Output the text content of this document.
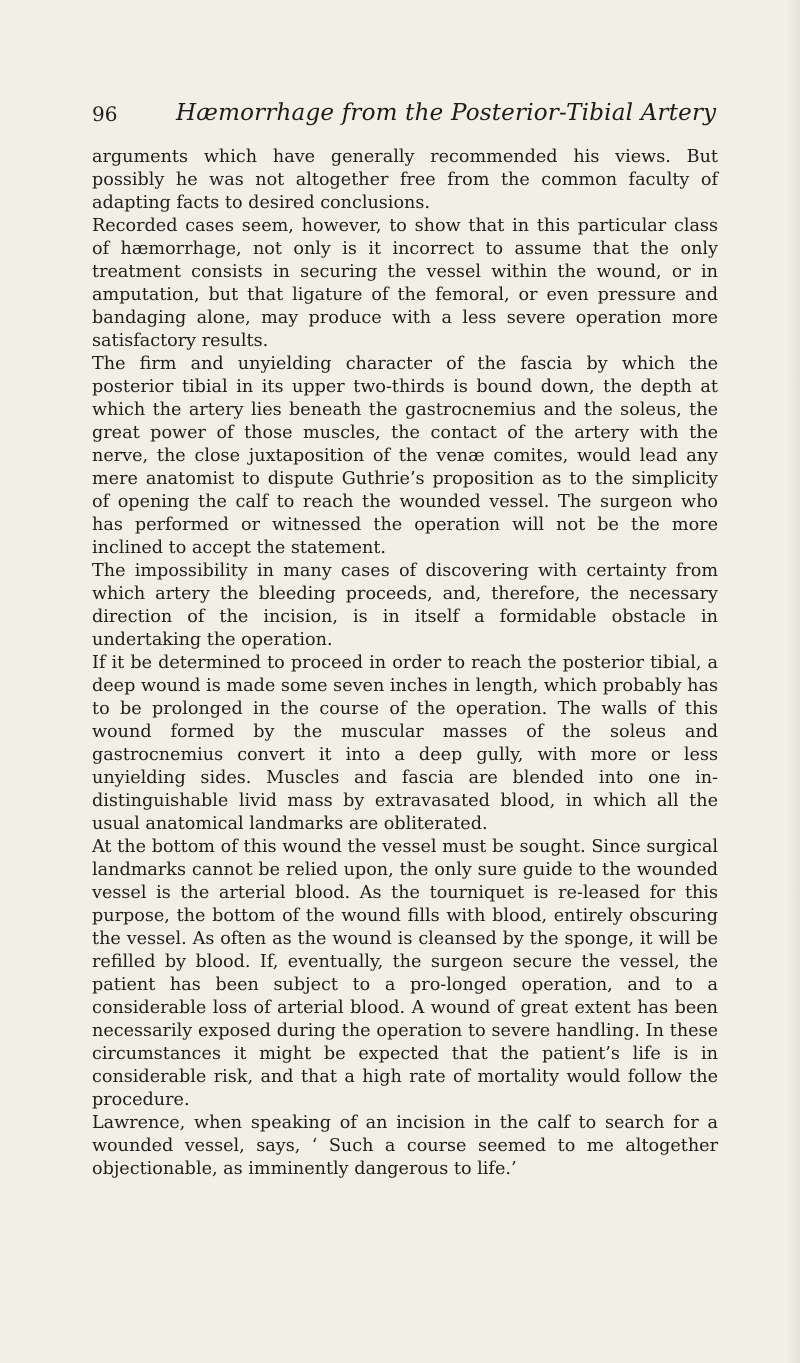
96	Hæmorrhage from the Posterior-Tibial Artery

arguments which have generally recommended his views. But possibly he was not altogether free from the common faculty of adapting facts to desired conclusions.

Recorded cases seem, however, to show that in this particular class of hæmorrhage, not only is it incorrect to assume that the only treatment consists in securing the vessel within the wound, or in amputation, but that ligature of the femoral, or even pressure and bandaging alone, may produce with a less severe operation more satisfactory results.

The firm and unyielding character of the fascia by which the posterior tibial in its upper two-thirds is bound down, the depth at which the artery lies beneath the gastrocnemius and the soleus, the great power of those muscles, the contact of the artery with the nerve, the close juxtaposition of the venæ comites, would lead any mere anatomist to dispute Guthrie’s proposition as to the simplicity of opening the calf to reach the wounded vessel. The surgeon who has performed or witnessed the operation will not be the more inclined to accept the statement.

The impossibility in many cases of discovering with certainty from which artery the bleeding proceeds, and, therefore, the necessary direction of the incision, is in itself a formidable obstacle in undertaking the operation.

If it be determined to proceed in order to reach the posterior tibial, a deep wound is made some seven inches in length, which probably has to be prolonged in the course of the operation. The walls of this wound formed by the muscular masses of the soleus and gastrocnemius convert it into a deep gully, with more or less unyielding sides. Muscles and fascia are blended into one in-distinguishable livid mass by extravasated blood, in which all the usual anatomical landmarks are obliterated.

At the bottom of this wound the vessel must be sought. Since surgical landmarks cannot be relied upon, the only sure guide to the wounded vessel is the arterial blood. As the tourniquet is re-leased for this purpose, the bottom of the wound fills with blood, entirely obscuring the vessel. As often as the wound is cleansed by the sponge, it will be refilled by blood. If, eventually, the surgeon secure the vessel, the patient has been subject to a pro-longed operation, and to a considerable loss of arterial blood. A wound of great extent has been necessarily exposed during the operation to severe handling. In these circumstances it might be expected that the patient’s life is in considerable risk, and that a high rate of mortality would follow the procedure.

Lawrence, when speaking of an incision in the calf to search for a wounded vessel, says, ‘ Such a course seemed to me altogether objectionable, as imminently dangerous to life.’
